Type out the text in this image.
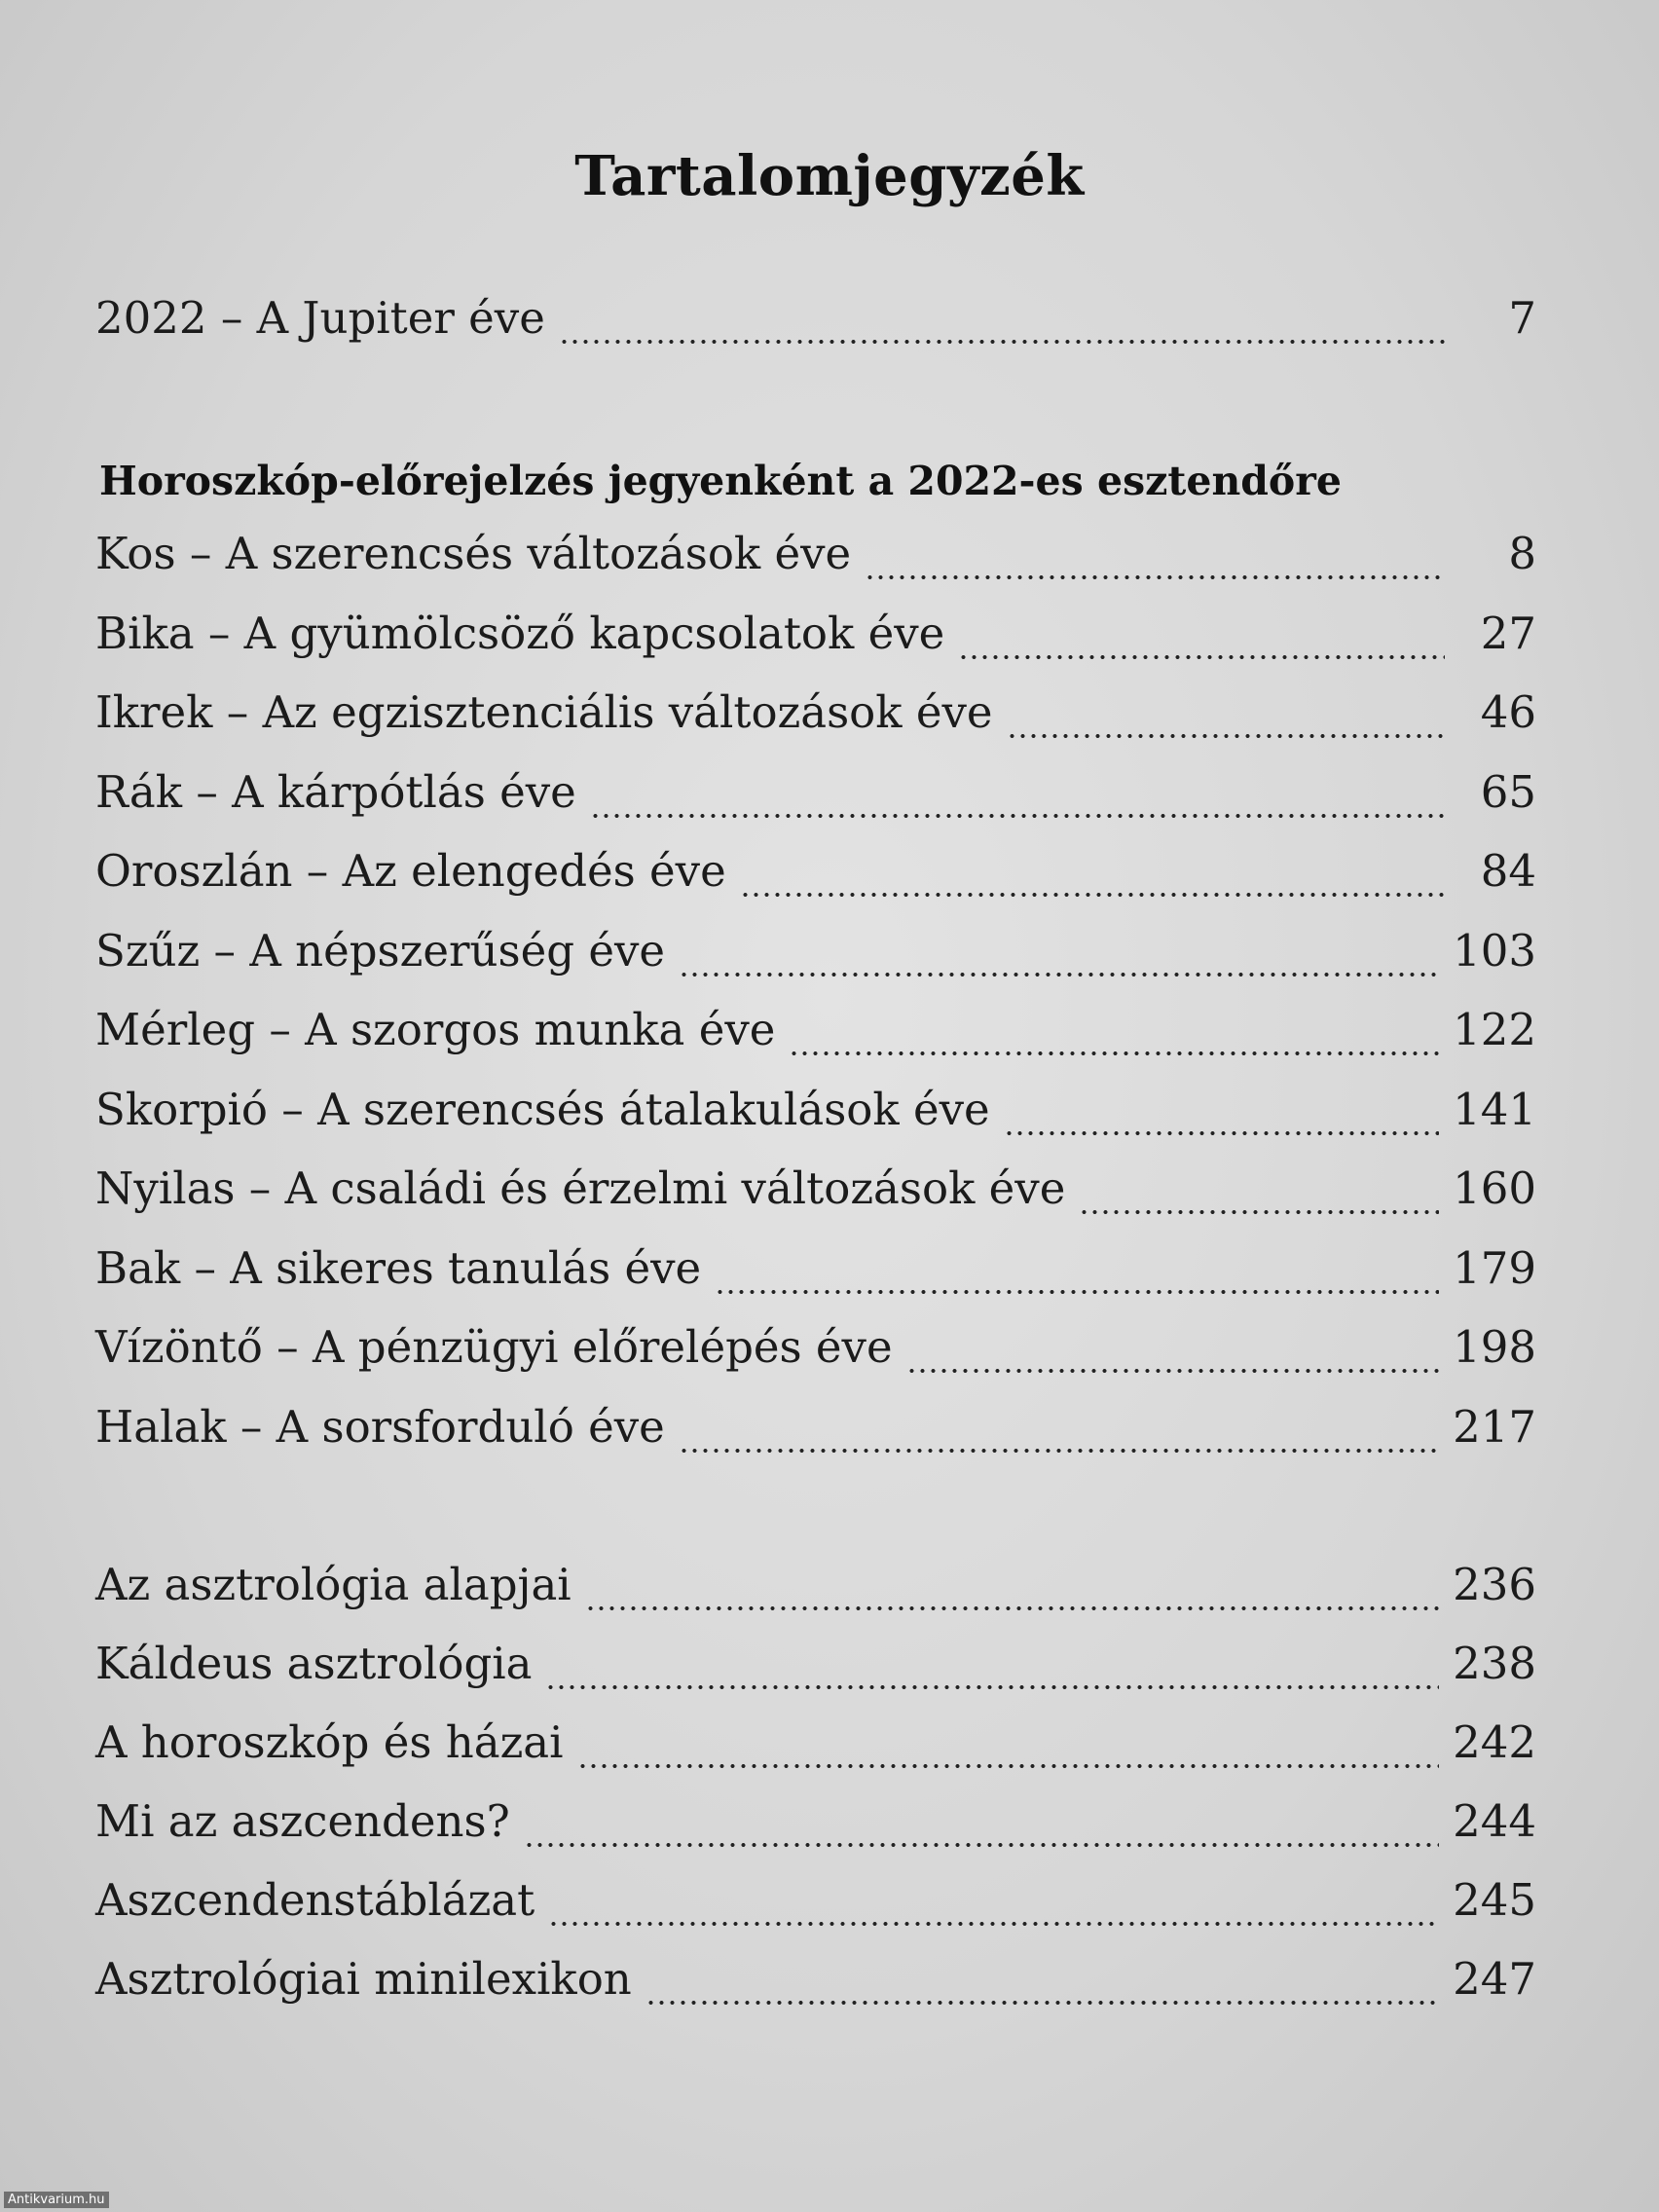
Tartalomjegyzék
2022 – A Jupiter éve	7
Horoszkóp-előrejelzés jegyenként a 2022-es esztendőre
Kos – A szerencsés változások éve	8
Bika – A gyümölcsöző kapcsolatok éve	27
Ikrek – Az egzisztenciális változások éve	46
Rák – A kárpótlás éve	65
Oroszlán – Az elengedés éve	84
Szűz – A népszerűség éve	103
Mérleg – A szorgos munka éve	122
Skorpió – A szerencsés átalakulások éve	141
Nyilas – A családi és érzelmi változások éve	160
Bak – A sikeres tanulás éve	179
Vízöntő – A pénzügyi előrelépés éve	198
Halak – A sorsforduló éve	217
Az asztrológia alapjai	236
Káldeus asztrológia	238
A horoszkóp és házai	242
Mi az aszcendens?	244
Aszcendenstáblázat	245
Asztrológiai minilexikon	247
Antikvarium.hu
